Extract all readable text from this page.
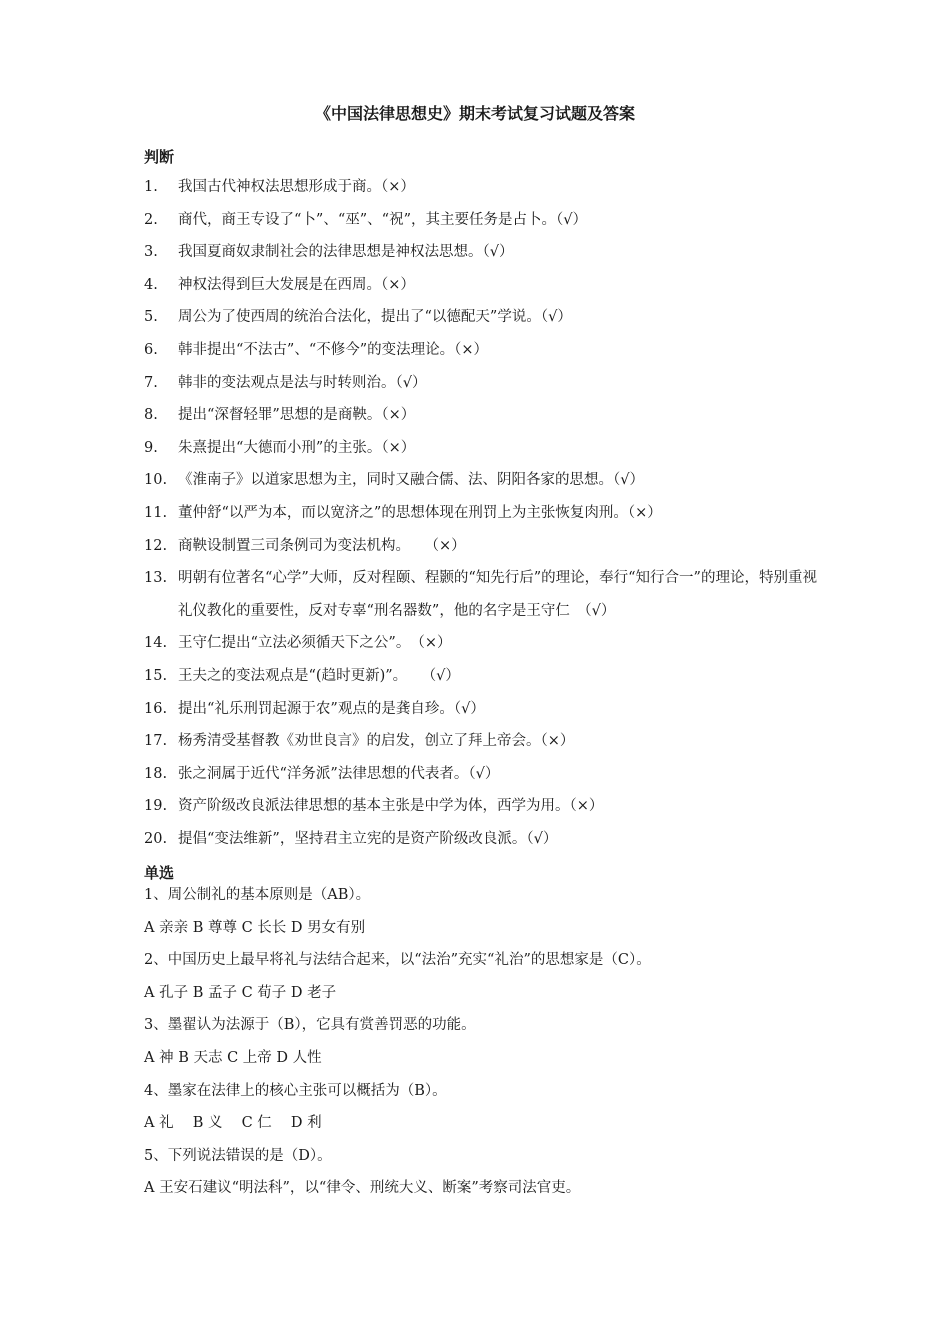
《中国法律思想史》期末考试复习试题及答案
判断
1.	我国古代神权法思想形成于商。（×）
2.	商代，商王专设了“卜”、“巫”、“祝”，其主要任务是占卜。（√）
3.	我国夏商奴隶制社会的法律思想是神权法思想。（√）
4.	神权法得到巨大发展是在西周。（×）
5.	周公为了使西周的统治合法化，提出了“以德配天”学说。（√）
6.	韩非提出“不法古”、“不修今”的变法理论。（×）
7.	韩非的变法观点是法与时转则治。（√）
8.	提出“深督轻罪”思想的是商鞅。（×）
9.	朱熹提出“大德而小刑”的主张。（×）
10. 《淮南子》以道家思想为主，同时又融合儒、法、阴阳各家的思想。（√）
11. 董仲舒“以严为本，而以宽济之”的思想体现在刑罚上为主张恢复肉刑。（×）
12. 商鞅设制置三司条例司为变法机构。　　（×）
13. 明朝有位著名“心学”大师，反对程颐、程颢的“知先行后”的理论，奉行“知行合一”的理论，特别重视礼仪教化的重要性，反对专辜“刑名器数”，他的名字是王守仁　（√）
14. 王守仁提出“立法必须循天下之公”。　（×）
15. 王夫之的变法观点是“(趋时更新)”。　　（√）
16. 提出“礼乐刑罚起源于农”观点的是龚自珍。（√）
17. 杨秀清受基督教《劝世良言》的启发，创立了拜上帝会。（×）
18. 张之洞属于近代“洋务派”法律思想的代表者。（√）
19. 资产阶级改良派法律思想的基本主张是中学为体，西学为用。（×）
20. 提倡“变法维新”，坚持君主立宪的是资产阶级改良派。（√）
单选
1、周公制礼的基本原则是（AB）。
A 亲亲 B 尊尊 C 长长 D 男女有别
2、中国历史上最早将礼与法结合起来，以“法治”充实“礼治”的思想家是（C）。
A 孔子 B 孟子 C 荀子 D 老子
3、墨翟认为法源于（B），它具有赏善罚恶的功能。
A 神 B 天志 C 上帝 D 人性
4、墨家在法律上的核心主张可以概括为（B）。
A 礼　 B 义　 C 仁　 D 利
5、下列说法错误的是（D）。
A 王安石建议“明法科”，以“律令、刑统大义、断案”考察司法官吏。
